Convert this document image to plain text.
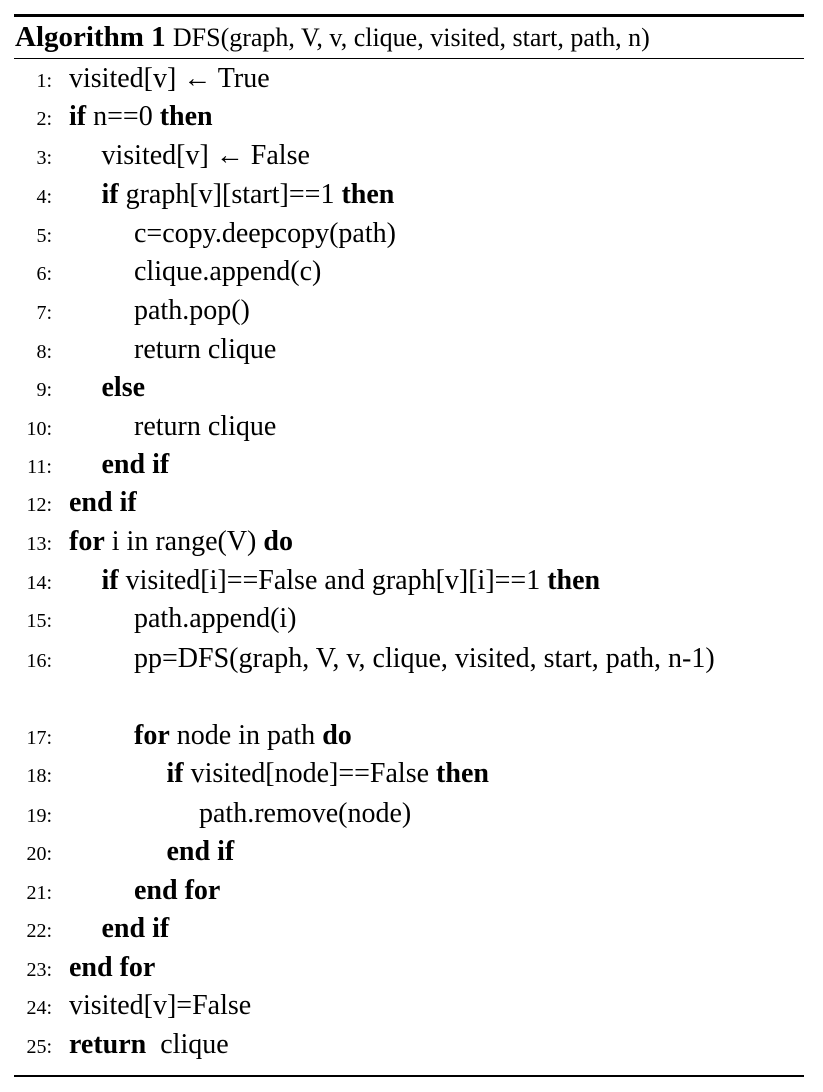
Algorithm 1 DFS(graph, V, v, clique, visited, start, path, n)
1: visited[v] ← True
2: if n==0 then
3: visited[v] ← False
4: if graph[v][start]==1 then
5:	c=copy.deepcopy(path)
6:	clique.append(c)
7:	path.pop()
8:	return clique
9: else
10:	return clique
11: end if
12: end if
13: for i in range(V) do
14: if visited[i]==False and graph[v][i]==1 then
15:	path.append(i)
16:	pp=DFS(graph, V, v, clique, visited, start, path, n-1)
17:	for node in path do
18:	if visited[node]==False then
19:	path.remove(node)
20:	end if
21:	end for
22: end if
23: end for
24: visited[v]=False
25: return  clique
